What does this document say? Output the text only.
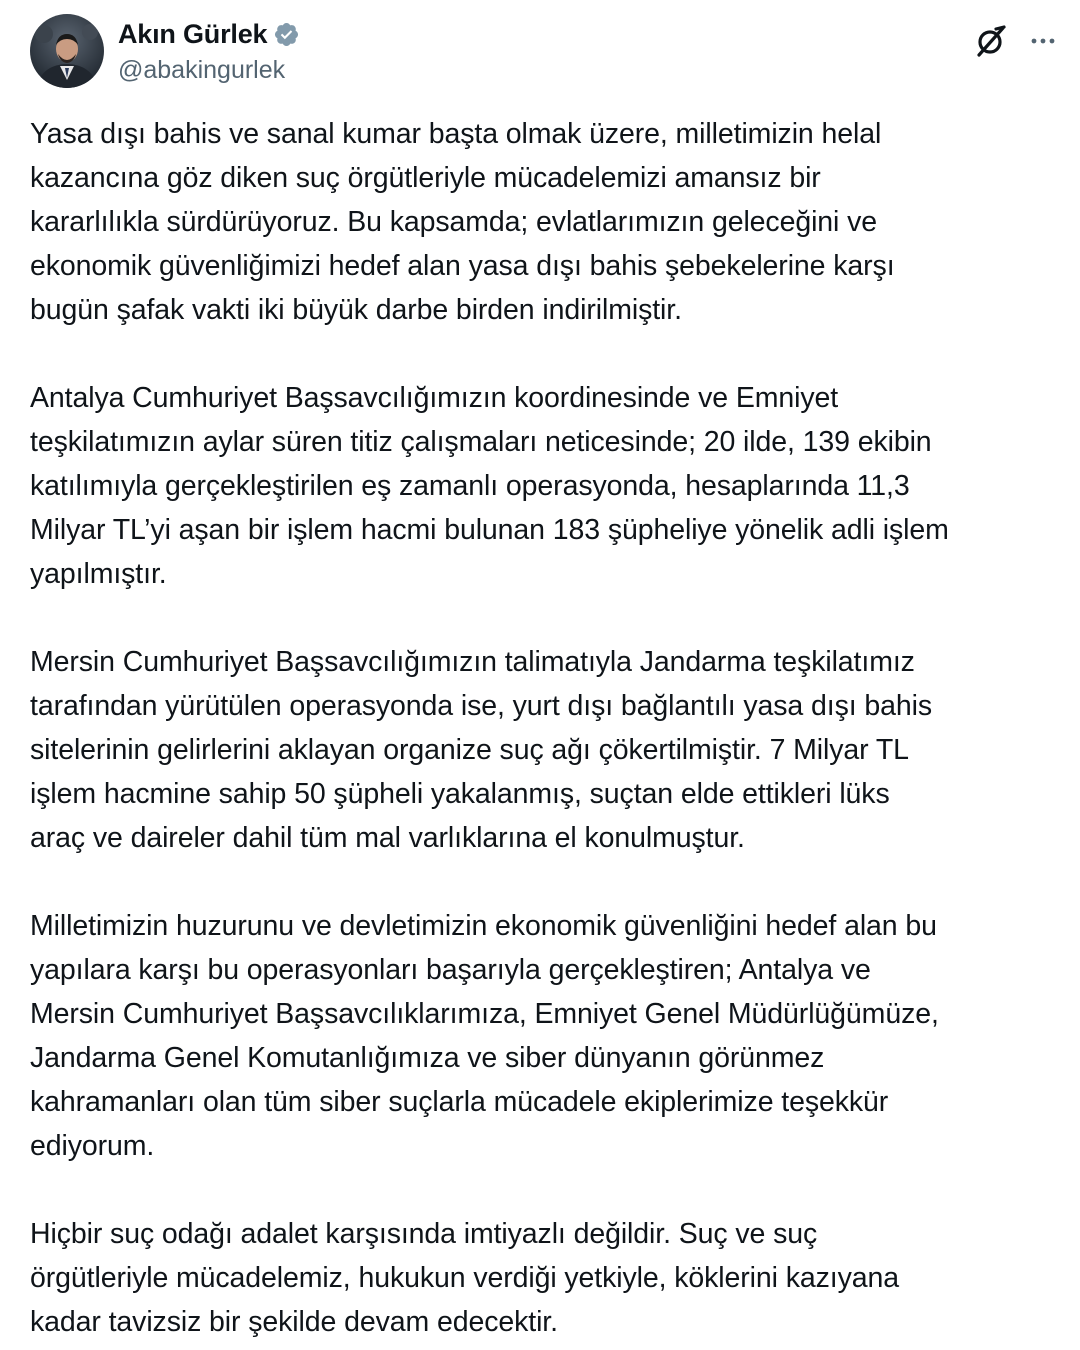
Akın Gürlek
@abakingurlek

Yasa dışı bahis ve sanal kumar başta olmak üzere, milletimizin helal
kazancına göz diken suç örgütleriyle mücadelemizi amansız bir
kararlılıkla sürdürüyoruz. Bu kapsamda; evlatlarımızın geleceğini ve
ekonomik güvenliğimizi hedef alan yasa dışı bahis şebekelerine karşı
bugün şafak vakti iki büyük darbe birden indirilmiştir.

Antalya Cumhuriyet Başsavcılığımızın koordinesinde ve Emniyet
teşkilatımızın aylar süren titiz çalışmaları neticesinde; 20 ilde, 139 ekibin
katılımıyla gerçekleştirilen eş zamanlı operasyonda, hesaplarında 11,3
Milyar TL’yi aşan bir işlem hacmi bulunan 183 şüpheliye yönelik adli işlem
yapılmıştır.

Mersin Cumhuriyet Başsavcılığımızın talimatıyla Jandarma teşkilatımız
tarafından yürütülen operasyonda ise, yurt dışı bağlantılı yasa dışı bahis
sitelerinin gelirlerini aklayan organize suç ağı çökertilmiştir. 7 Milyar TL
işlem hacmine sahip 50 şüpheli yakalanmış, suçtan elde ettikleri lüks
araç ve daireler dahil tüm mal varlıklarına el konulmuştur.

Milletimizin huzurunu ve devletimizin ekonomik güvenliğini hedef alan bu
yapılara karşı bu operasyonları başarıyla gerçekleştiren; Antalya ve
Mersin Cumhuriyet Başsavcılıklarımıza, Emniyet Genel Müdürlüğümüze,
Jandarma Genel Komutanlığımıza ve siber dünyanın görünmez
kahramanları olan tüm siber suçlarla mücadele ekiplerimize teşekkür
ediyorum.

Hiçbir suç odağı adalet karşısında imtiyazlı değildir. Suç ve suç
örgütleriyle mücadelemiz, hukukun verdiği yetkiyle, köklerini kazıyana
kadar tavizsiz bir şekilde devam edecektir.
